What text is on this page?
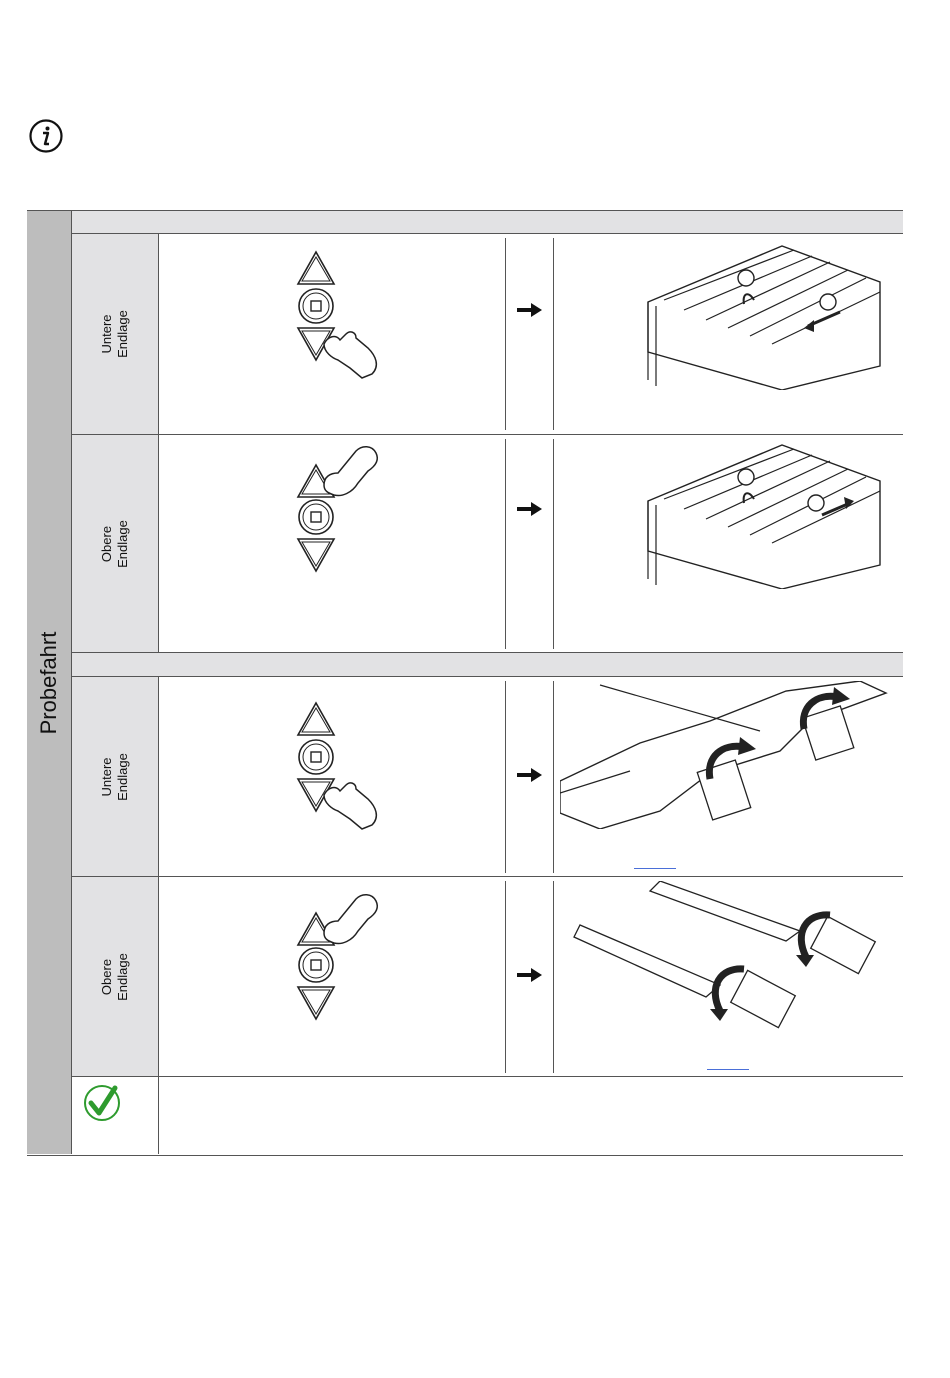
Probefahrt
Untere Endlage
Obere Endlage
Untere Endlage
Obere Endlage
